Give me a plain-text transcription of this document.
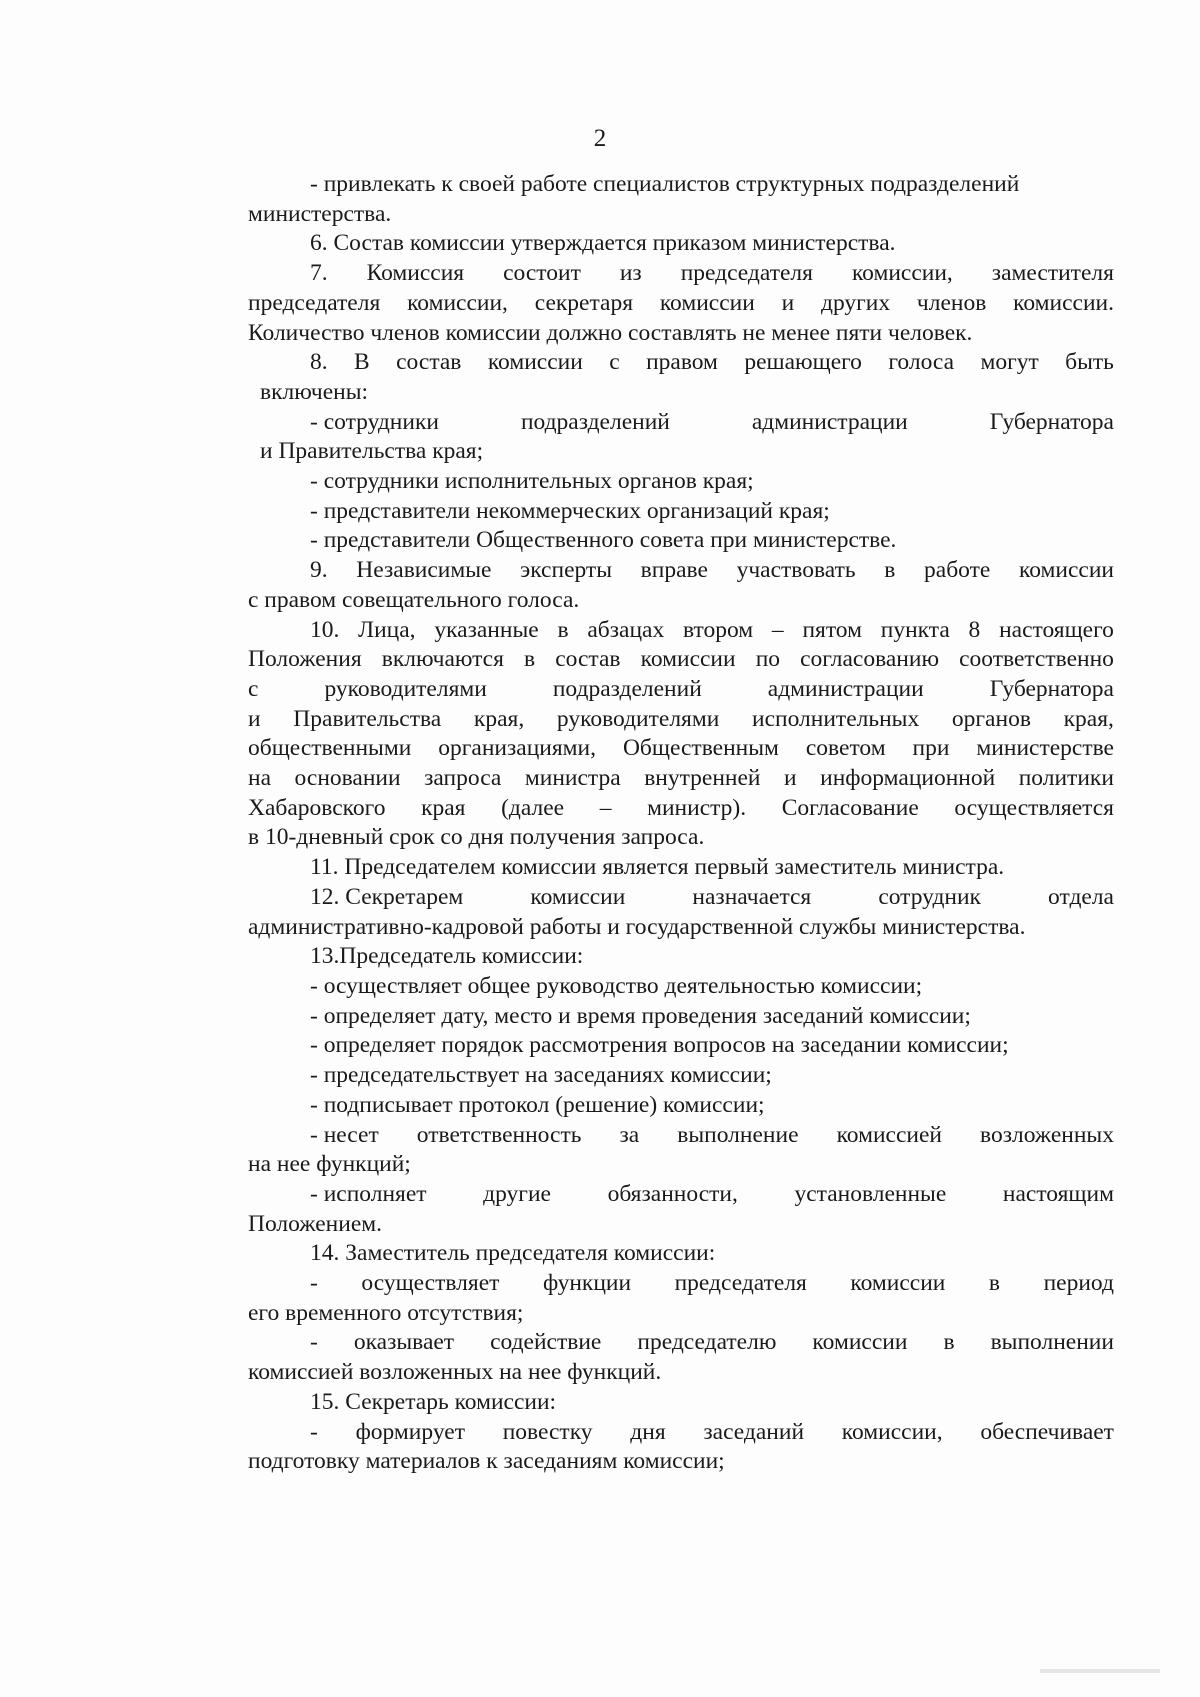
2
- привлекать к своей работе специалистов структурных подразделений
министерства.
6. Состав комиссии утверждается приказом министерства.
7. Комиссия состоит из председателя комиссии, заместителя
председателя комиссии, секретаря комиссии и других членов комиссии.
Количество членов комиссии должно составлять не менее пяти человек.
8. В состав комиссии с правом решающего голоса могут быть
включены:
- сотрудники	подразделений	администрации	Губернатора
и Правительства края;
- сотрудники исполнительных органов края;
- представители некоммерческих организаций края;
- представители Общественного совета при министерстве.
9. Независимые эксперты вправе участвовать в работе комиссии
с правом совещательного голоса.
10. Лица, указанные в абзацах втором – пятом пункта 8 настоящего
Положения включаются в состав комиссии по согласованию соответственно
с	руководителями	подразделений	администрации	Губернатора
и Правительства края, руководителями исполнительных органов края,
общественными организациями, Общественным советом при министерстве
на основании запроса министра внутренней и информационной политики
Хабаровского края (далее – министр). Согласование осуществляется
в 10-дневный срок со дня получения запроса.
11. Председателем комиссии является первый заместитель министра.
12. Секретарем	комиссии	назначается	сотрудник	отдела
административно-кадровой работы и государственной службы министерства.
13.Председатель комиссии:
- осуществляет общее руководство деятельностью комиссии;
- определяет дату, место и время проведения заседаний комиссии;
- определяет порядок рассмотрения вопросов на заседании комиссии;
- председательствует на заседаниях комиссии;
- подписывает протокол (решение) комиссии;
- несет ответственность за выполнение комиссией возложенных
на нее функций;
- исполняет другие обязанности, установленные настоящим
Положением.
14. Заместитель председателя комиссии:
- осуществляет функции председателя комиссии в период
его временного отсутствия;
- оказывает содействие председателю комиссии в выполнении
комиссией возложенных на нее функций.
15. Секретарь комиссии:
- формирует повестку дня заседаний комиссии, обеспечивает
подготовку материалов к заседаниям комиссии;
